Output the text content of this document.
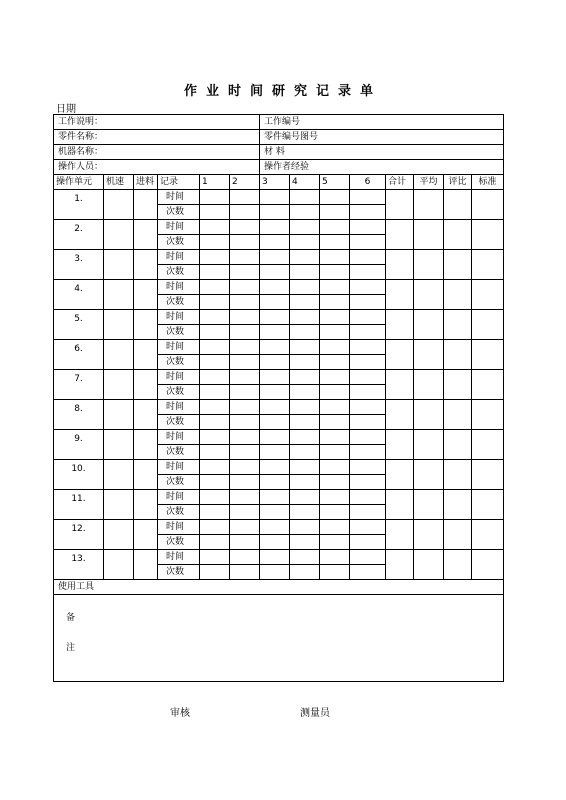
作业时间研究记录单
日期
工作说明：						工作编号							
零件名称：						零件编号图号							
机器名称：						材 料							
操作人员：						操作者经验							
操作单元	机速	进料	记录	1	2	3	4	5	6	合计	平均	评比	标准
1.			时间										
			次数										
2.			时间										
			次数										
3.			时间										
			次数										
4.			时间										
			次数										
5.			时间										
			次数										
6.			时间										
			次数										
7.			时间										
			次数										
8.			时间										
			次数										
9.			时间										
			次数										
10.			时间										
			次数										
11.			时间										
			次数										
12.			时间										
			次数										
13.			时间										
			次数										
使用工具													

备
注													
审核	测量员
